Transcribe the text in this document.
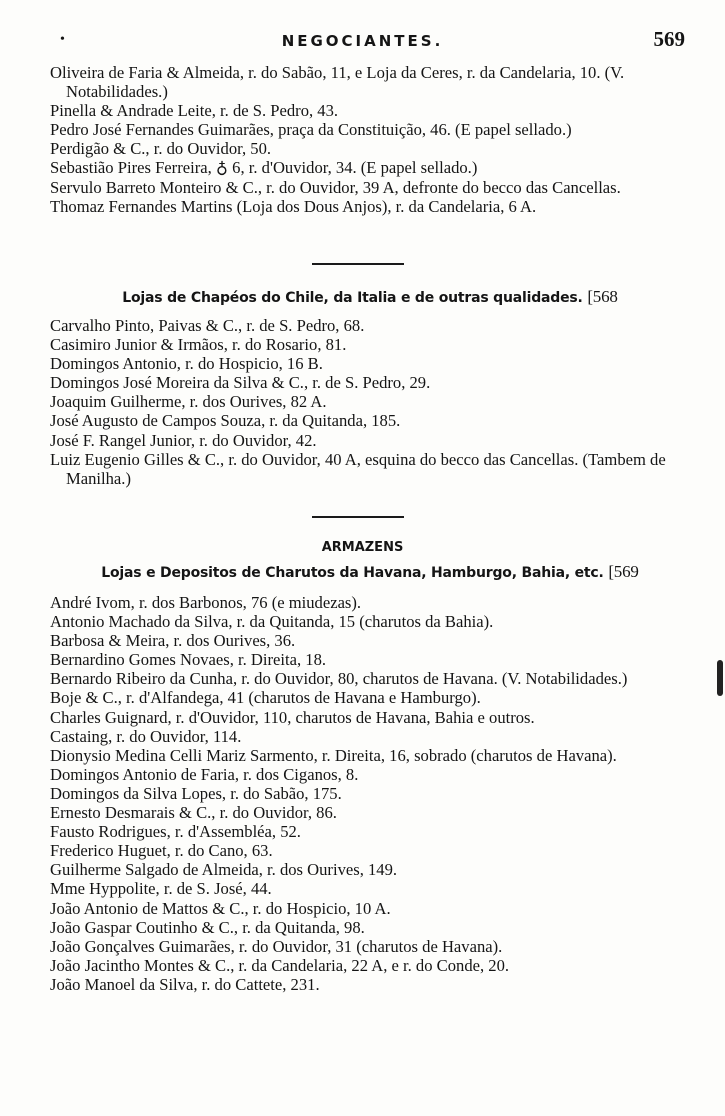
•	NEGOCIANTES.	569

Oliveira de Faria & Almeida, r. do Sabão, 11, e Loja da Ceres, r. da Candelaria, 10. (V. Notabilidades.)

Pinella & Andrade Leite, r. de S. Pedro, 43.

Pedro José Fernandes Guimarães, praça da Constituição, 46. (E papel sellado.)

Perdigão & C., r. do Ouvidor, 50.

Sebastião Pires Ferreira, ♁ 6, r. d'Ouvidor, 34. (E papel sellado.)

Servulo Barreto Monteiro & C., r. do Ouvidor, 39 A, defronte do becco das Cancellas.

Thomaz Fernandes Martins (Loja dos Dous Anjos), r. da Candelaria, 6 A.

Lojas de Chapéos do Chile, da Italia e de outras qualidades. [568

Carvalho Pinto, Paivas & C., r. de S. Pedro, 68.

Casimiro Junior & Irmãos, r. do Rosario, 81.

Domingos Antonio, r. do Hospicio, 16 B.

Domingos José Moreira da Silva & C., r. de S. Pedro, 29.

Joaquim Guilherme, r. dos Ourives, 82 A.

José Augusto de Campos Souza, r. da Quitanda, 185.

José F. Rangel Junior, r. do Ouvidor, 42.

Luiz Eugenio Gilles & C., r. do Ouvidor, 40 A, esquina do becco das Cancellas. (Tambem de Manilha.)

ARMAZENS
Lojas e Depositos de Charutos da Havana, Hamburgo, Bahia, etc. [569

André Ivom, r. dos Barbonos, 76 (e miudezas).

Antonio Machado da Silva, r. da Quitanda, 15 (charutos da Bahia).

Barbosa & Meira, r. dos Ourives, 36.

Bernardino Gomes Novaes, r. Direita, 18.

Bernardo Ribeiro da Cunha, r. do Ouvidor, 80, charutos de Havana. (V. Notabilidades.)

Boje & C., r. d'Alfandega, 41 (charutos de Havana e Hamburgo).

Charles Guignard, r. d'Ouvidor, 110, charutos de Havana, Bahia e outros.

Castaing, r. do Ouvidor, 114.

Dionysio Medina Celli Mariz Sarmento, r. Direita, 16, sobrado (charutos de Havana).

Domingos Antonio de Faria, r. dos Ciganos, 8.

Domingos da Silva Lopes, r. do Sabão, 175.

Ernesto Desmarais & C., r. do Ouvidor, 86.

Fausto Rodrigues, r. d'Assembléa, 52.

Frederico Huguet, r. do Cano, 63.

Guilherme Salgado de Almeida, r. dos Ourives, 149.

Mme Hyppolite, r. de S. José, 44.

João Antonio de Mattos & C., r. do Hospicio, 10 A.

João Gaspar Coutinho & C., r. da Quitanda, 98.

João Gonçalves Guimarães, r. do Ouvidor, 31 (charutos de Havana).

João Jacintho Montes & C., r. da Candelaria, 22 A, e r. do Conde, 20.

João Manoel da Silva, r. do Cattete, 231.
